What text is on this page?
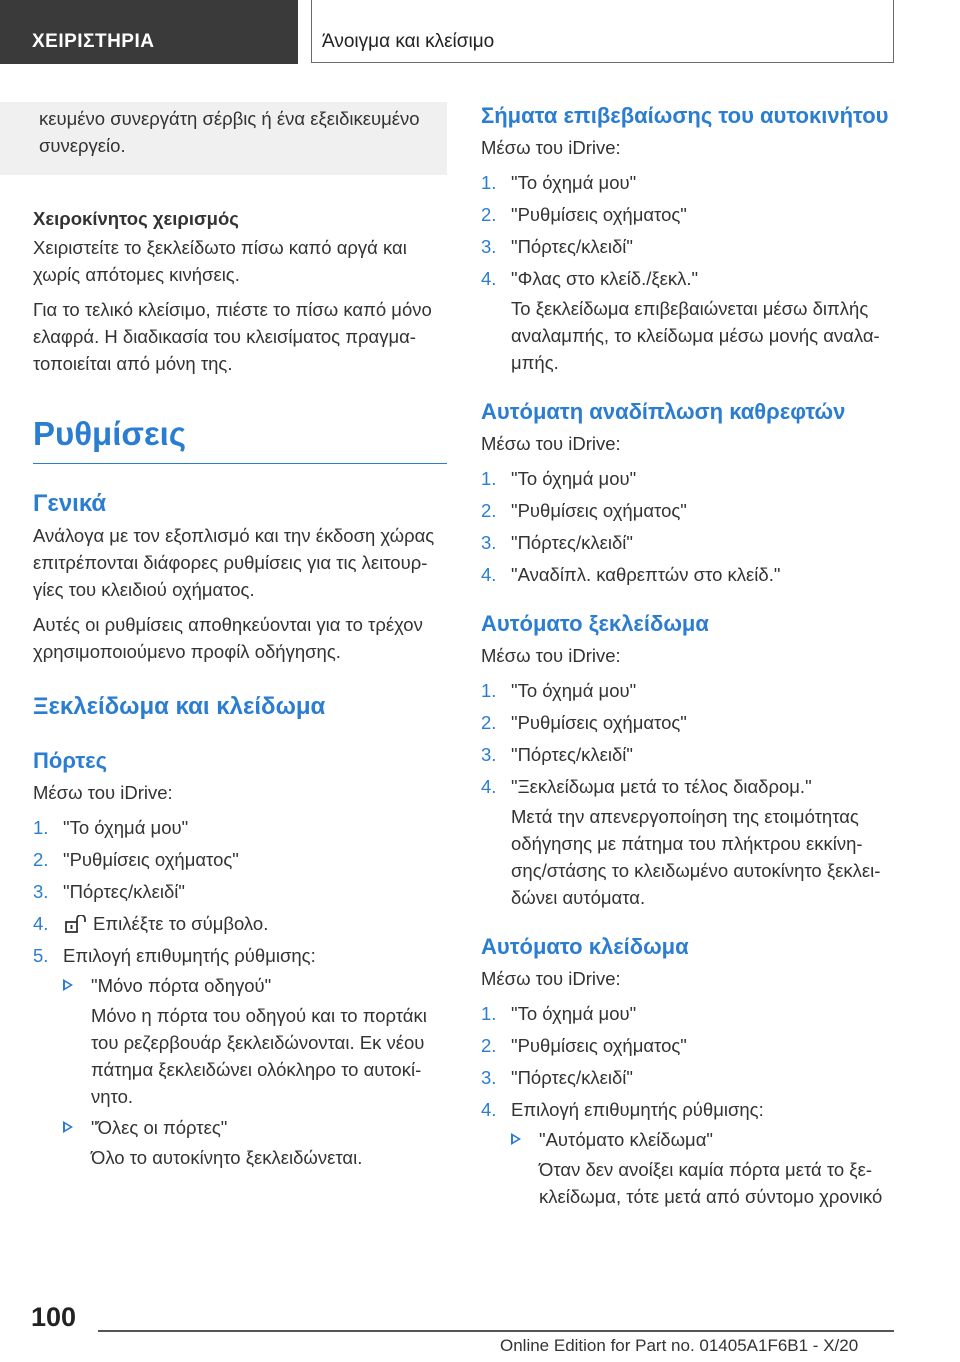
ΧΕΙΡΙΣΤΗΡΙΑ	Άνοιγμα και κλείσιμο
κευμένο συνεργάτη σέρβις ή ένα εξειδικευμένο συνεργείο.
Χειροκίνητος χειρισμός

Χειριστείτε το ξεκλείδωτο πίσω καπό αργά και χωρίς απότομες κινήσεις.

Για το τελικό κλείσιμο, πιέστε το πίσω καπό μόνο ελαφρά. Η διαδικασία του κλεισίματος πραγμα-τοποιείται από μόνη της.

Ρυθμίσεις
Γενικά

Ανάλογα με τον εξοπλισμό και την έκδοση χώρας επιτρέπονται διάφορες ρυθμίσεις για τις λειτουρ-γίες του κλειδιού οχήματος.

Αυτές οι ρυθμίσεις αποθηκεύονται για το τρέχον χρησιμοποιούμενο προφίλ οδήγησης.

Ξεκλείδωμα και κλείδωμα
Πόρτες

Μέσω του iDrive:

1. "Το όχημά μου"
2. "Ρυθμίσεις οχήματος"
3. "Πόρτες/κλειδί"
4. Επιλέξτε το σύμβολο.
5. Επιλογή επιθυμητής ρύθμισης:
"Μόνο πόρτα οδηγού"
Μόνο η πόρτα του οδηγού και το πορτάκι του ρεζερβουάρ ξεκλειδώνονται. Εκ νέου πάτημα ξεκλειδώνει ολόκληρο το αυτοκί-νητο.
"Όλες οι πόρτες"
Όλο το αυτοκίνητο ξεκλειδώνεται.
Σήματα επιβεβαίωσης του αυτοκινήτου

Μέσω του iDrive:

1. "Το όχημά μου"
2. "Ρυθμίσεις οχήματος"
3. "Πόρτες/κλειδί"
4. "Φλας στο κλείδ./ξεκλ."
Το ξεκλείδωμα επιβεβαιώνεται μέσω διπλής αναλαμπής, το κλείδωμα μέσω μονής αναλα-μπής.
Αυτόματη αναδίπλωση καθρεφτών

Μέσω του iDrive:

1. "Το όχημά μου"
2. "Ρυθμίσεις οχήματος"
3. "Πόρτες/κλειδί"
4. "Αναδίπλ. καθρεπτών στο κλείδ."
Αυτόματο ξεκλείδωμα

Μέσω του iDrive:

1. "Το όχημά μου"
2. "Ρυθμίσεις οχήματος"
3. "Πόρτες/κλειδί"
4. "Ξεκλείδωμα μετά το τέλος διαδρομ."
Μετά την απενεργοποίηση της ετοιμότητας οδήγησης με πάτημα του πλήκτρου εκκίνη-σης/στάσης το κλειδωμένο αυτοκίνητο ξεκλει-δώνει αυτόματα.
Αυτόματο κλείδωμα

Μέσω του iDrive:

1. "Το όχημά μου"
2. "Ρυθμίσεις οχήματος"
3. "Πόρτες/κλειδί"
4. Επιλογή επιθυμητής ρύθμισης:
"Αυτόματο κλείδωμα"
Όταν δεν ανοίξει καμία πόρτα μετά το ξε-κλείδωμα, τότε μετά από σύντομο χρονικό
100
Online Edition for Part no. 01405A1F6B1 - X/20
